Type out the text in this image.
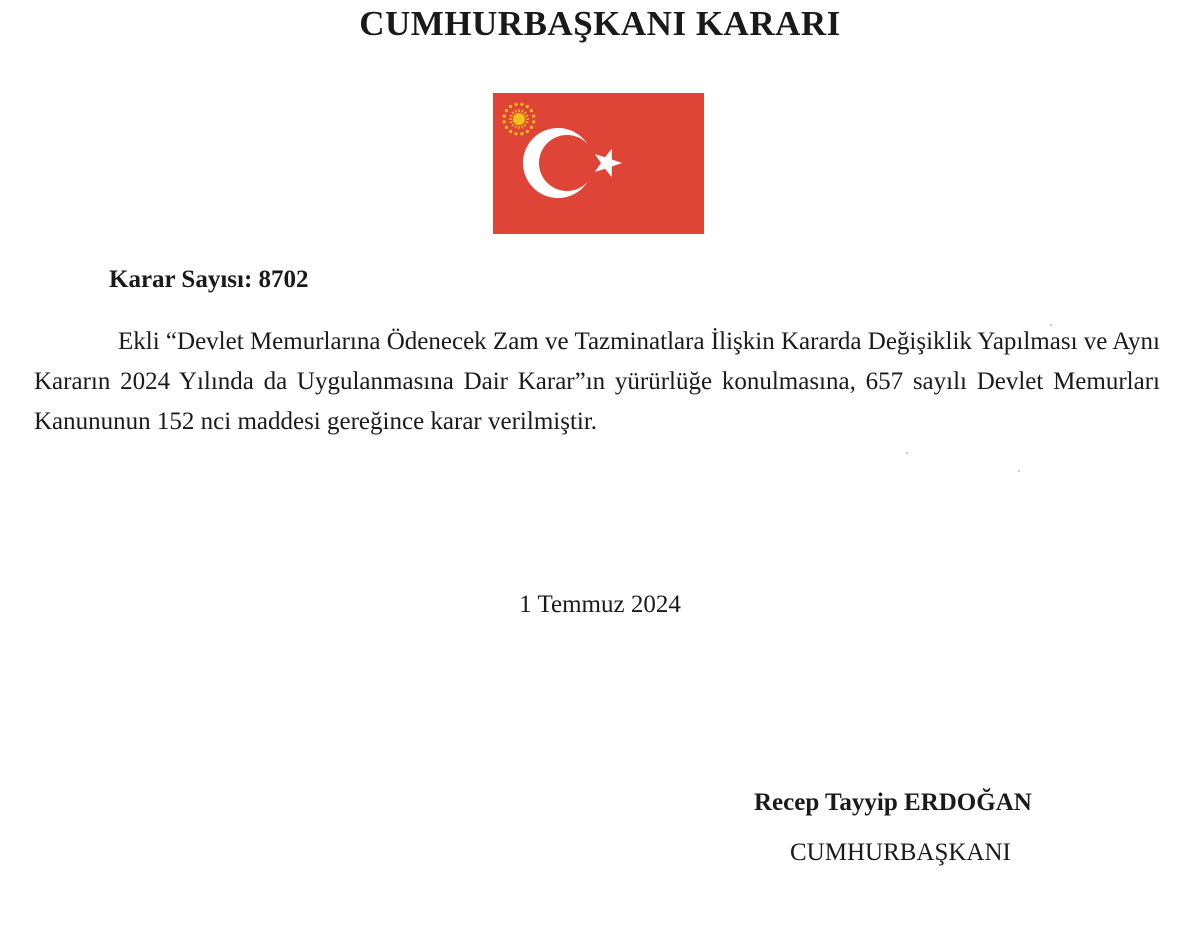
CUMHURBAŞKANI KARARI

Karar Sayısı: 8702

Ekli “Devlet Memurlarına Ödenecek Zam ve Tazminatlara İlişkin Kararda Değişiklik Yapılması ve Aynı Kararın 2024 Yılında da Uygulanmasına Dair Karar”ın yürürlüğe konulmasına, 657 sayılı Devlet Memurları Kanununun 152 nci maddesi gereğince karar verilmiştir.

1 Temmuz 2024

Recep Tayyip ERDOĞAN

CUMHURBAŞKANI
